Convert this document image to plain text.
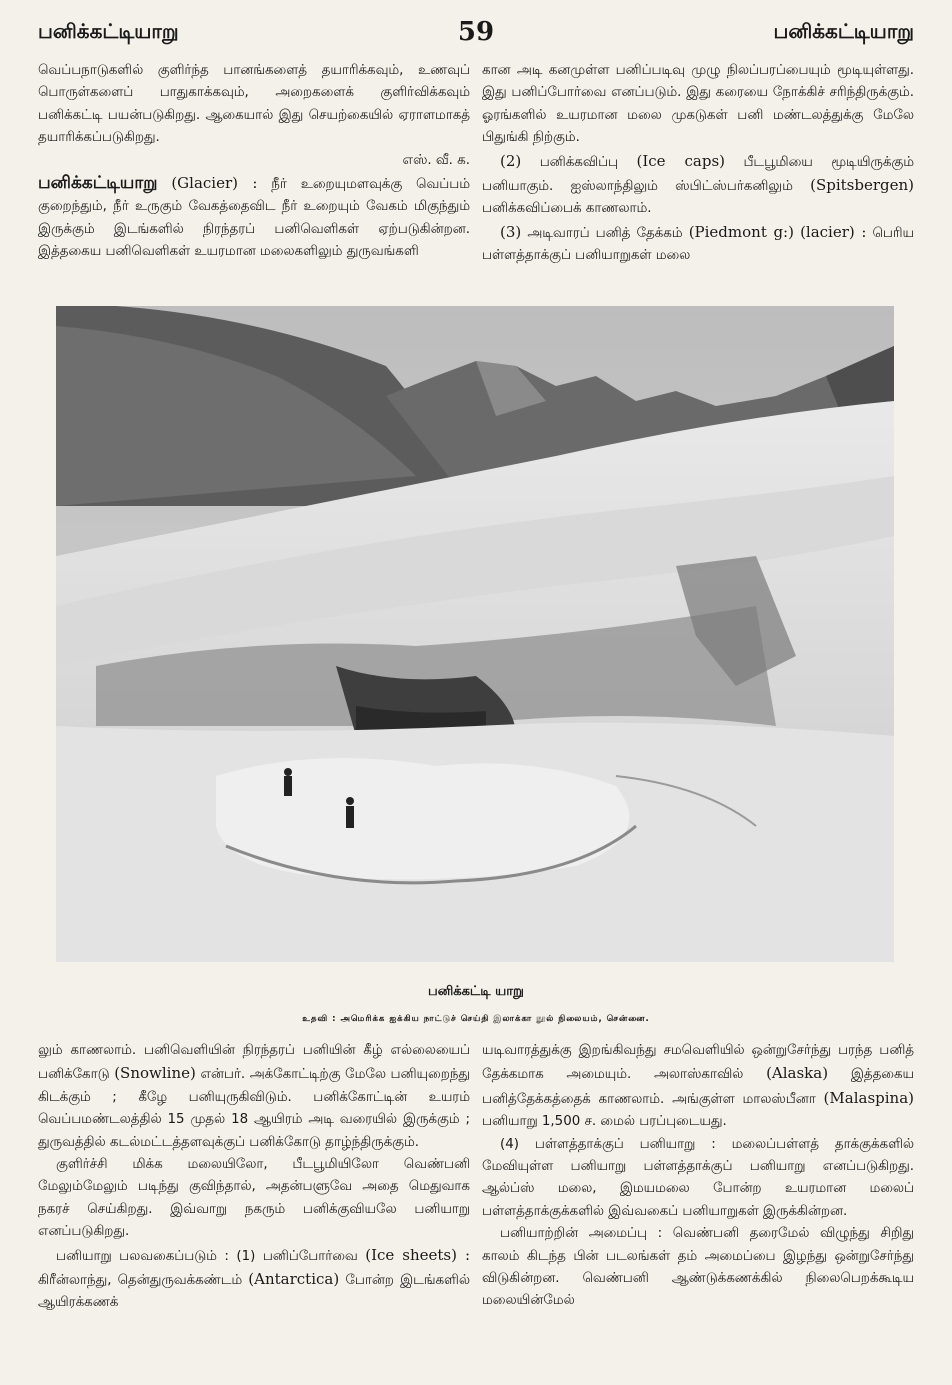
பனிக்கட்டியாறு	59	பனிக்கட்டியாறு

வெப்பநாடுகளில் குளிர்ந்த பானங்களைத் தயாரிக்கவும், உணவுப் பொருள்களைப் பாதுகாக்கவும், அறைகளைக் குளிர்விக்கவும் பனிக்கட்டி பயன்படுகிறது. ஆகையால் இது செயற்கையில் ஏராளமாகத் தயாரிக்கப்படுகிறது.

எஸ். வீ. க.

பனிக்கட்டியாறு (Glacier) : நீர் உறையுமளவுக்கு வெப்பம் குறைந்தும், நீர் உருகும் வேகத்தைவிட நீர் உறையும் வேகம் மிகுந்தும் இருக்கும் இடங்களில் நிரந்தரப் பனிவெளிகள் ஏற்படுகின்றன. இத்தகைய பனிவெளிகள் உயரமான மலைகளிலும் துருவங்களி

கான அடி கனமுள்ள பனிப்படிவு முழு நிலப்பரப்பையும் மூடியுள்ளது. இது பனிப்போர்வை எனப்படும். இது கரையை நோக்கிச் சரிந்திருக்கும். ஓரங்களில் உயரமான மலை முகடுகள் பனி மண்டலத்துக்கு மேலே பிதுங்கி நிற்கும்.

(2) பனிக்கவிப்பு (Ice caps) பீடபூமியை மூடியிருக்கும் பனியாகும். ஐஸ்லாந்திலும் ஸ்பிட்ஸ்பர்கனிலும் (Spitsbergen) பனிக்கவிப்பைக் காணலாம்.

(3) அடிவாரப் பனித் தேக்கம் (Piedmont g:) (lacier) : பெரிய பள்ளத்தாக்குப் பனியாறுகள் மலை

பனிக்கட்டி யாறு
உதவி : அமெரிக்க ஐக்கிய நாட்டுச் செய்தி இலாக்கா நூல் நிலையம், சென்னை.

லும் காணலாம். பனிவெளியின் நிரந்தரப் பனியின் கீழ் எல்லையைப் பனிக்கோடு (Snowline) என்பர். அக்கோட்டிற்கு மேலே பனியுறைந்து கிடக்கும் ; கீழே பனியுருகிவிடும். பனிக்கோட்டின் உயரம் வெப்பமண்டலத்தில் 15 முதல் 18 ஆயிரம் அடி வரையில் இருக்கும் ; துருவத்தில் கடல்மட்டத்தளவுக்குப் பனிக்கோடு தாழ்ந்திருக்கும்.

குளிர்ச்சி மிக்க மலையிலோ, பீடபூமியிலோ வெண்பனி மேலும்மேலும் படிந்து குவிந்தால், அதன்பளுவே அதை மெதுவாக நகரச் செய்கிறது. இவ்வாறு நகரும் பனிக்குவியலே பனியாறு எனப்படுகிறது.

பனியாறு பலவகைப்படும் : (1) பனிப்போர்வை (Ice sheets) : கிரீன்லாந்து, தென்துருவக்கண்டம் (Antarctica) போன்ற இடங்களில் ஆயிரக்கணக்

யடிவாரத்துக்கு இறங்கிவந்து சமவெளியில் ஒன்றுசேர்ந்து பரந்த பனித் தேக்கமாக அமையும். அலாஸ்காவில் (Alaska) இத்தகைய பனித்தேக்கத்தைக் காணலாம். அங்குள்ள மாலஸ்பீனா (Malaspina) பனியாறு 1,500 ச. மைல் பரப்புடையது.

(4) பள்ளத்தாக்குப் பனியாறு : மலைப்பள்ளத் தாக்குக்களில் மேவியுள்ள பனியாறு பள்ளத்தாக்குப் பனியாறு எனப்படுகிறது. ஆல்ப்ஸ் மலை, இமயமலை போன்ற உயரமான மலைப் பள்ளத்தாக்குக்களில் இவ்வகைப் பனியாறுகள் இருக்கின்றன.

பனியாற்றின் அமைப்பு : வெண்பனி தரைமேல் விழுந்து சிறிது காலம் கிடந்த பின் படலங்கள் தம் அமைப்பை இழந்து ஒன்றுசேர்ந்து விடுகின்றன. வெண்பனி ஆண்டுக்கணக்கில் நிலைபெறக்கூடிய மலையின்மேல்
